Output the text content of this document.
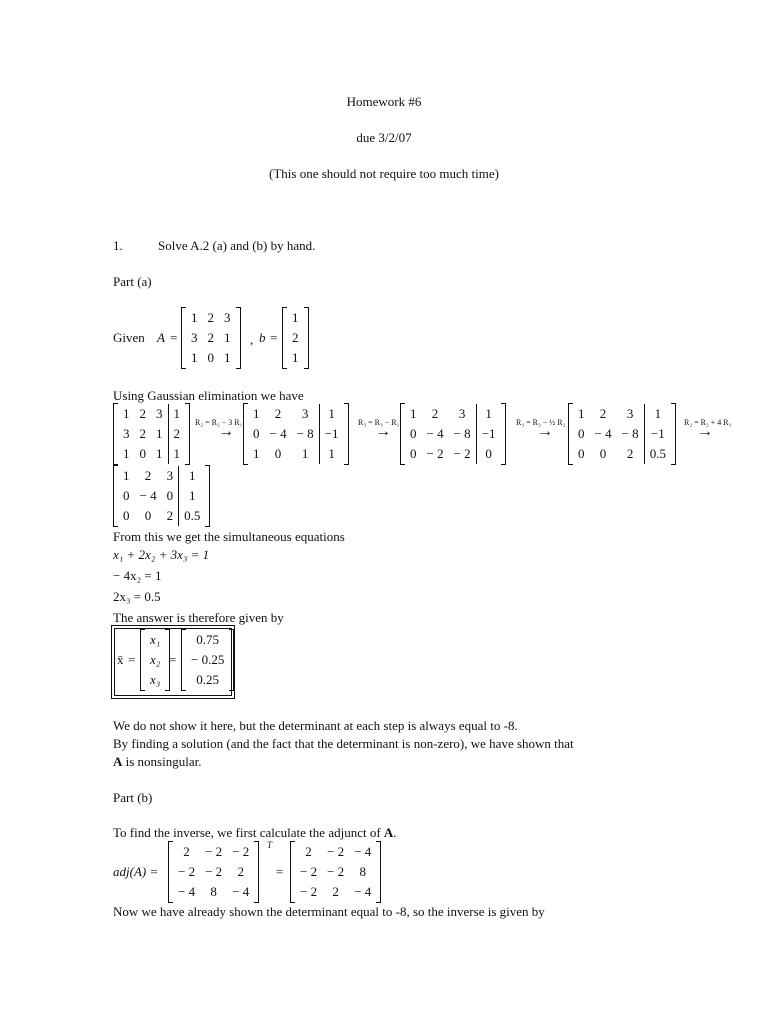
Homework #6
due 3/2/07
(This one should not require too much time)
1.	Solve A.2 (a) and (b) by hand.
Part (a)
Given A =
1	2	3
3	2	1
1	0	1
, b =
1
2
1
Using Gaussian elimination we have
1	2	3	1
3	2	1	2
1	0	1	1
R₂ = R₂ − 3 R₁
→
1	2	3	1
0	− 4	− 8	−1
1	0	1	1
R₃ = R₃ − R₁
→
1	2	3	1
0	− 4	− 8	−1
0	− 2	− 2	0
R₃ = R₃ − ½ R₂
→
1	2	3	1
0	− 4	− 8	−1
0	0	2	0.5
R₂ = R₂ + 4 R₃
→
1	2	3	1
0	− 4	0	1
0	0	2	0.5
From this we get the simultaneous equations
x₁ + 2x₂ + 3x₃ = 1
− 4x₂ = 1
2x₃ = 0.5
The answer is therefore given by
x̄ =
x₁
x₂
x₃
=
0.75
− 0.25
0.25
We do not show it here, but the determinant at each step is always equal to -8.
By finding a solution (and the fact that the determinant is non-zero), we have shown that
A is nonsingular.
Part (b)
To find the inverse, we first calculate the adjunct of A.
adj(A) =
2	− 2	− 2
− 2	− 2	2
− 4	8	− 4
T
=
2	− 2	− 4
− 2	− 2	8
− 2	2	− 4
Now we have already shown the determinant equal to -8, so the inverse is given by
